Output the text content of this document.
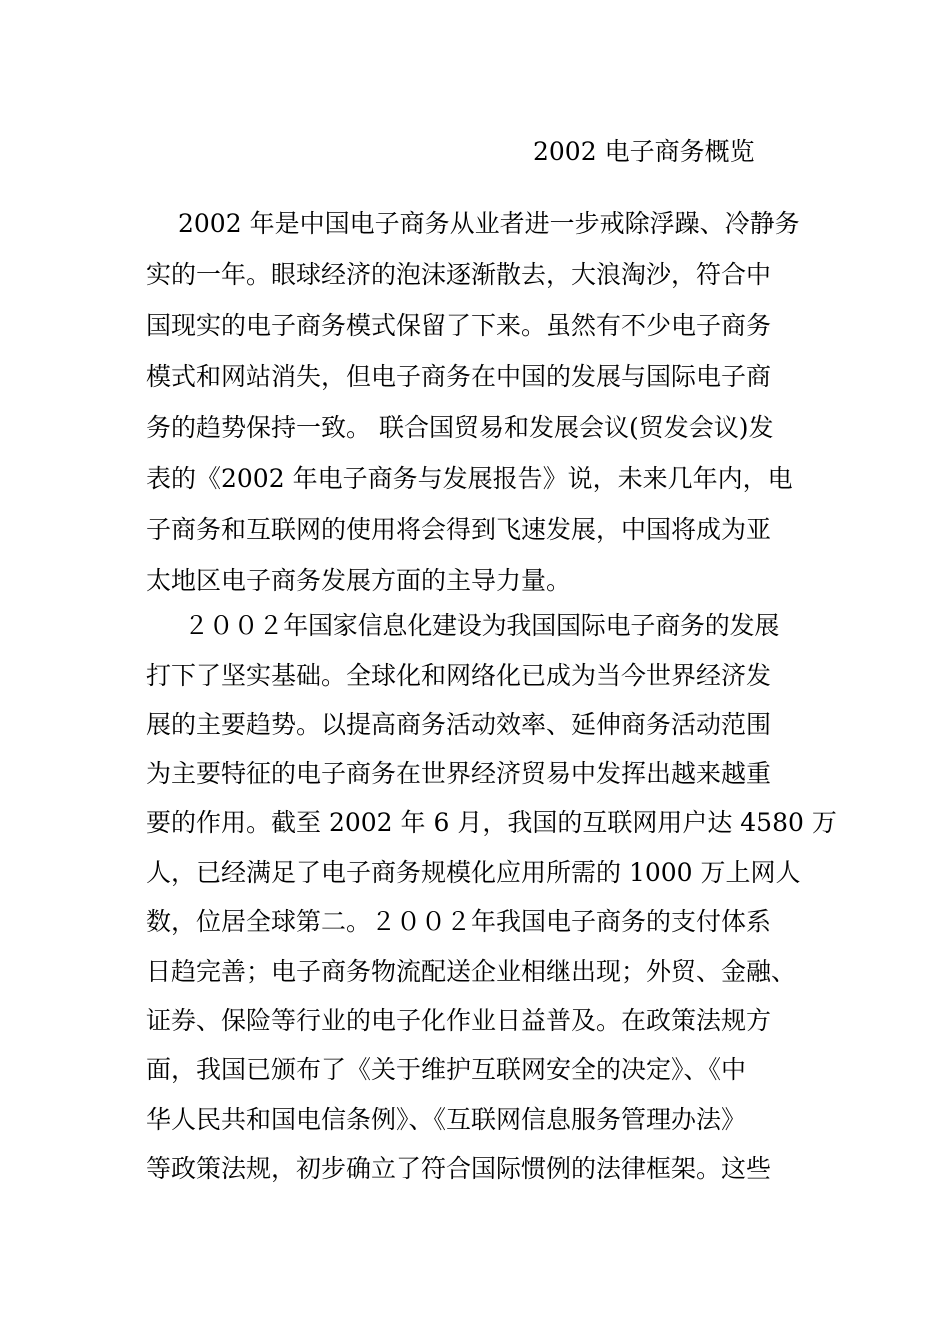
2002 电子商务概览
2002 年是中国电子商务从业者进一步戒除浮躁、冷静务
实的一年。眼球经济的泡沫逐渐散去，大浪淘沙，符合中
国现实的电子商务模式保留了下来。虽然有不少电子商务
模式和网站消失，但电子商务在中国的发展与国际电子商
务的趋势保持一致。 联合国贸易和发展会议(贸发会议)发
表的《2002 年电子商务与发展报告》说，未来几年内，电
子商务和互联网的使用将会得到飞速发展，中国将成为亚
太地区电子商务发展方面的主导力量。
２００２年国家信息化建设为我国国际电子商务的发展
打下了坚实基础。全球化和网络化已成为当今世界经济发
展的主要趋势。以提高商务活动效率、延伸商务活动范围
为主要特征的电子商务在世界经济贸易中发挥出越来越重
要的作用。截至 2002 年 6 月，我国的互联网用户达 4580 万
人，已经满足了电子商务规模化应用所需的 1000 万上网人
数，位居全球第二。２００２年我国电子商务的支付体系
日趋完善；电子商务物流配送企业相继出现；外贸、金融、
证券、保险等行业的电子化作业日益普及。在政策法规方
面，我国已颁布了《关于维护互联网安全的决定》、《中
华人民共和国电信条例》、《互联网信息服务管理办法》
等政策法规，初步确立了符合国际惯例的法律框架。这些
